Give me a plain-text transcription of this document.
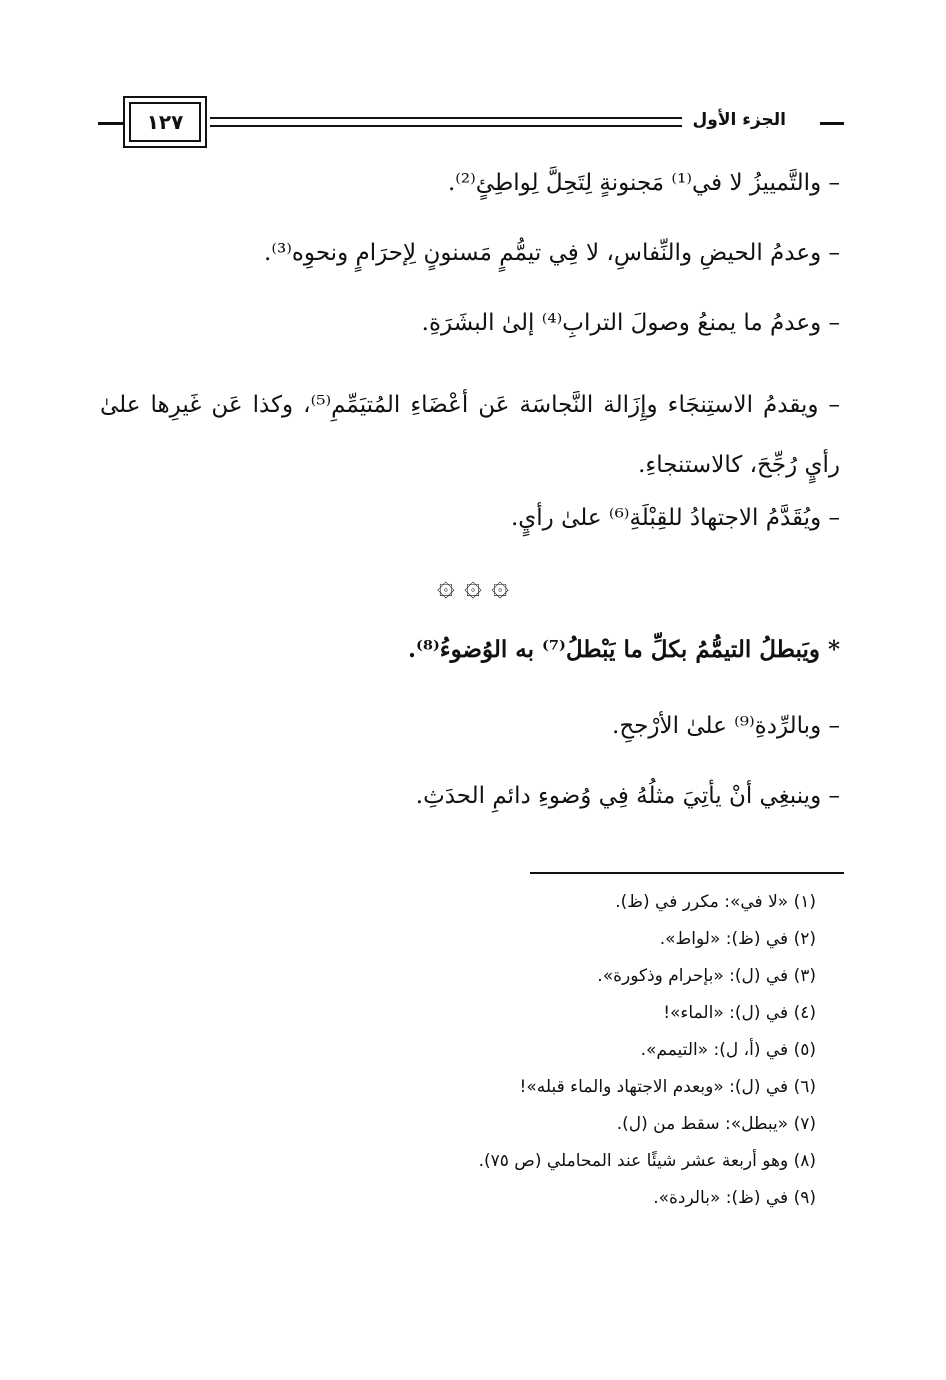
الجزء الأول
١٢٧
– والتَّمييزُ لا في⁽¹⁾ مَجنونةٍ لِتَحِلَّ لِواطِئٍ⁽²⁾.
– وعدمُ الحيضِ والنِّفاسِ، لا فِي تيمُّمٍ مَسنونٍ لِإحرَامٍ ونحوِه⁽³⁾.
– وعدمُ ما يمنعُ وصولَ الترابِ⁽⁴⁾ إلىٰ البشَرَةِ.
– ويقدمُ الاستِنجَاء وإِزَالة النَّجاسَة عَن أعْضَاءِ المُتيَمِّمِ⁽⁵⁾، وكذا عَن غَيرِها علىٰ رأيٍ رُجِّحَ، كالاستنجاءِ.
– ويُقَدَّمُ الاجتهادُ للقِبْلَةِ⁽⁶⁾ علىٰ رأيٍ.
۞ ۞ ۞
* ويَبطلُ التيمُّمُ بكلِّ ما يَبْطلُ⁽⁷⁾ به الوُضوءُ⁽⁸⁾.
– وبالرِّدةِ⁽⁹⁾ علىٰ الأرْجحِ.
– وينبغِي أنْ يأتِيَ مثلُهُ فِي وُضوءِ دائمِ الحدَثِ.
(١) «لا في»: مكرر في (ظ).
(٢) في (ظ): «لواط».
(٣) في (ل): «بإحرام وذكورة».
(٤) في (ل): «الماء»!
(٥) في (أ، ل): «التيمم».
(٦) في (ل): «وبعدم الاجتهاد والماء قبله»!
(٧) «يبطل»: سقط من (ل).
(٨) وهو أربعة عشر شيئًا عند المحاملي (ص ٧٥).
(٩) في (ظ): «بالردة».
